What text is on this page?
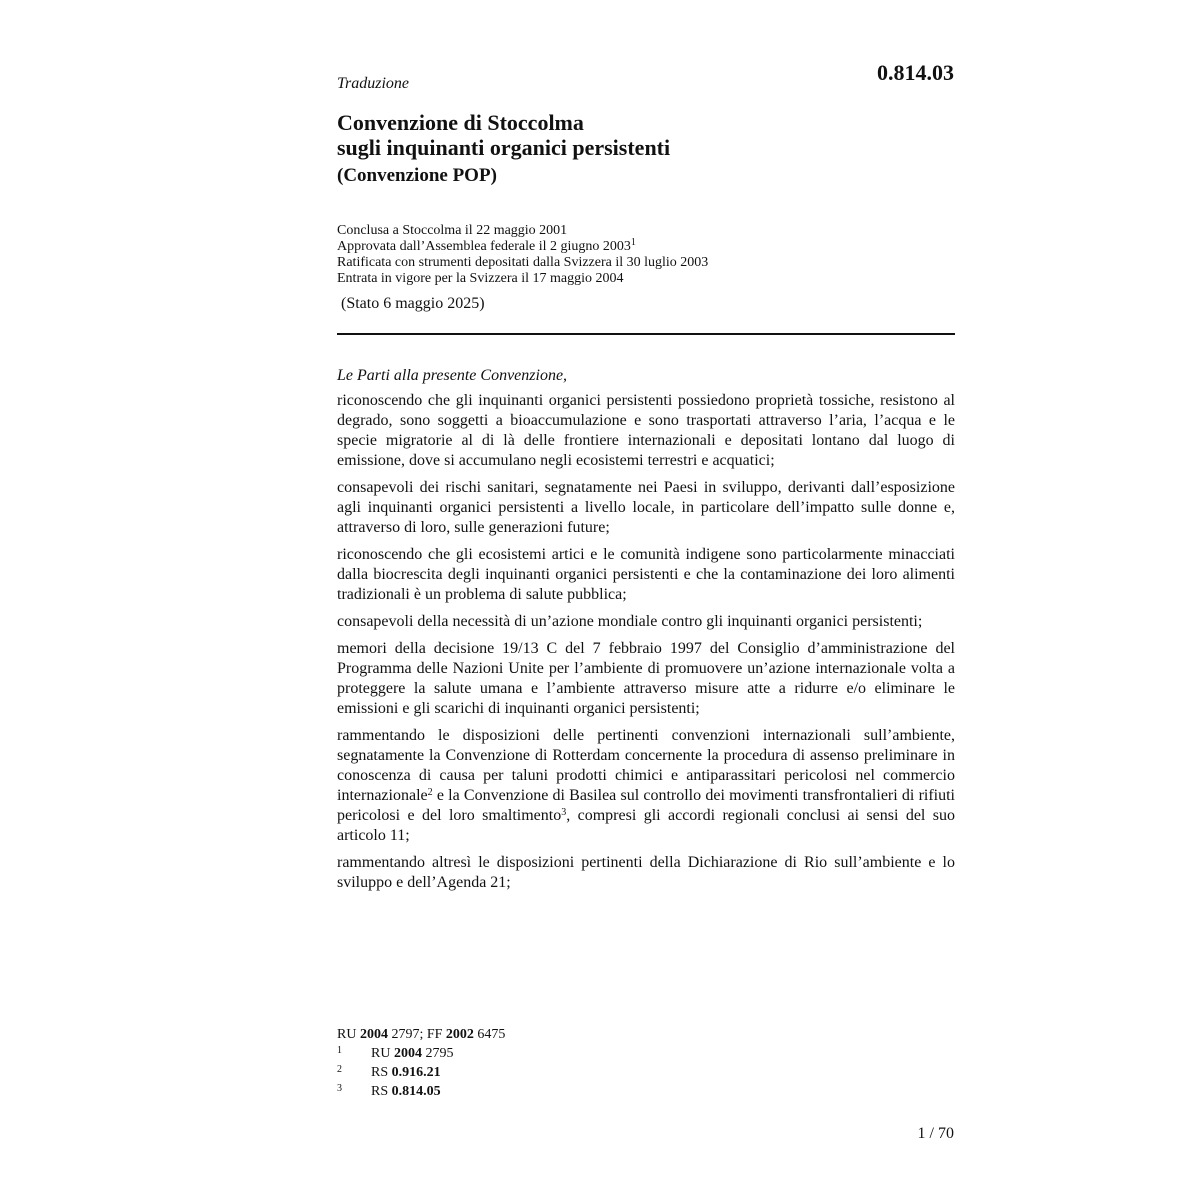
0.814.03
Traduzione
Convenzione di Stoccolma
sugli inquinanti organici persistenti
(Convenzione POP)
Conclusa a Stoccolma il 22 maggio 2001
Approvata dall’Assemblea federale il 2 giugno 2003$^1$
Ratificata con strumenti depositati dalla Svizzera il 30 luglio 2003
Entrata in vigore per la Svizzera il 17 maggio 2004
(Stato 6 maggio 2025)
Le Parti alla presente Convenzione,

riconoscendo che gli inquinanti organici persistenti possiedono proprietà tossiche, resistono al degrado, sono soggetti a bioaccumulazione e sono trasportati attraverso l’aria, l’acqua e le specie migratorie al di là delle frontiere internazionali e depositati lontano dal luogo di emissione, dove si accumulano negli ecosistemi terrestri e acquatici;

consapevoli dei rischi sanitari, segnatamente nei Paesi in sviluppo, derivanti dall’esposizione agli inquinanti organici persistenti a livello locale, in particolare dell’impatto sulle donne e, attraverso di loro, sulle generazioni future;

riconoscendo che gli ecosistemi artici e le comunità indigene sono particolarmente minacciati dalla biocrescita degli inquinanti organici persistenti e che la contaminazione dei loro alimenti tradizionali è un problema di salute pubblica;

consapevoli della necessità di un’azione mondiale contro gli inquinanti organici persistenti;

memori della decisione 19/13 C del 7 febbraio 1997 del Consiglio d’amministrazione del Programma delle Nazioni Unite per l’ambiente di promuovere un’azione internazionale volta a proteggere la salute umana e l’ambiente attraverso misure atte a ridurre e/o eliminare le emissioni e gli scarichi di inquinanti organici persistenti;

rammentando le disposizioni delle pertinenti convenzioni internazionali sull’ambiente, segnatamente la Convenzione di Rotterdam concernente la procedura di assenso preliminare in conoscenza di causa per taluni prodotti chimici e antiparassitari pericolosi nel commercio internazionale$^2$ e la Convenzione di Basilea sul controllo dei movimenti transfrontalieri di rifiuti pericolosi e del loro smaltimento$^3$, compresi gli accordi regionali conclusi ai sensi del suo articolo 11;

rammentando altresì le disposizioni pertinenti della Dichiarazione di Rio sull’ambiente e lo sviluppo e dell’Agenda 21;

RU 2004 2797; FF 2002 6475
1 RU 2004 2795
2 RS 0.916.21
3 RS 0.814.05
1 / 70
